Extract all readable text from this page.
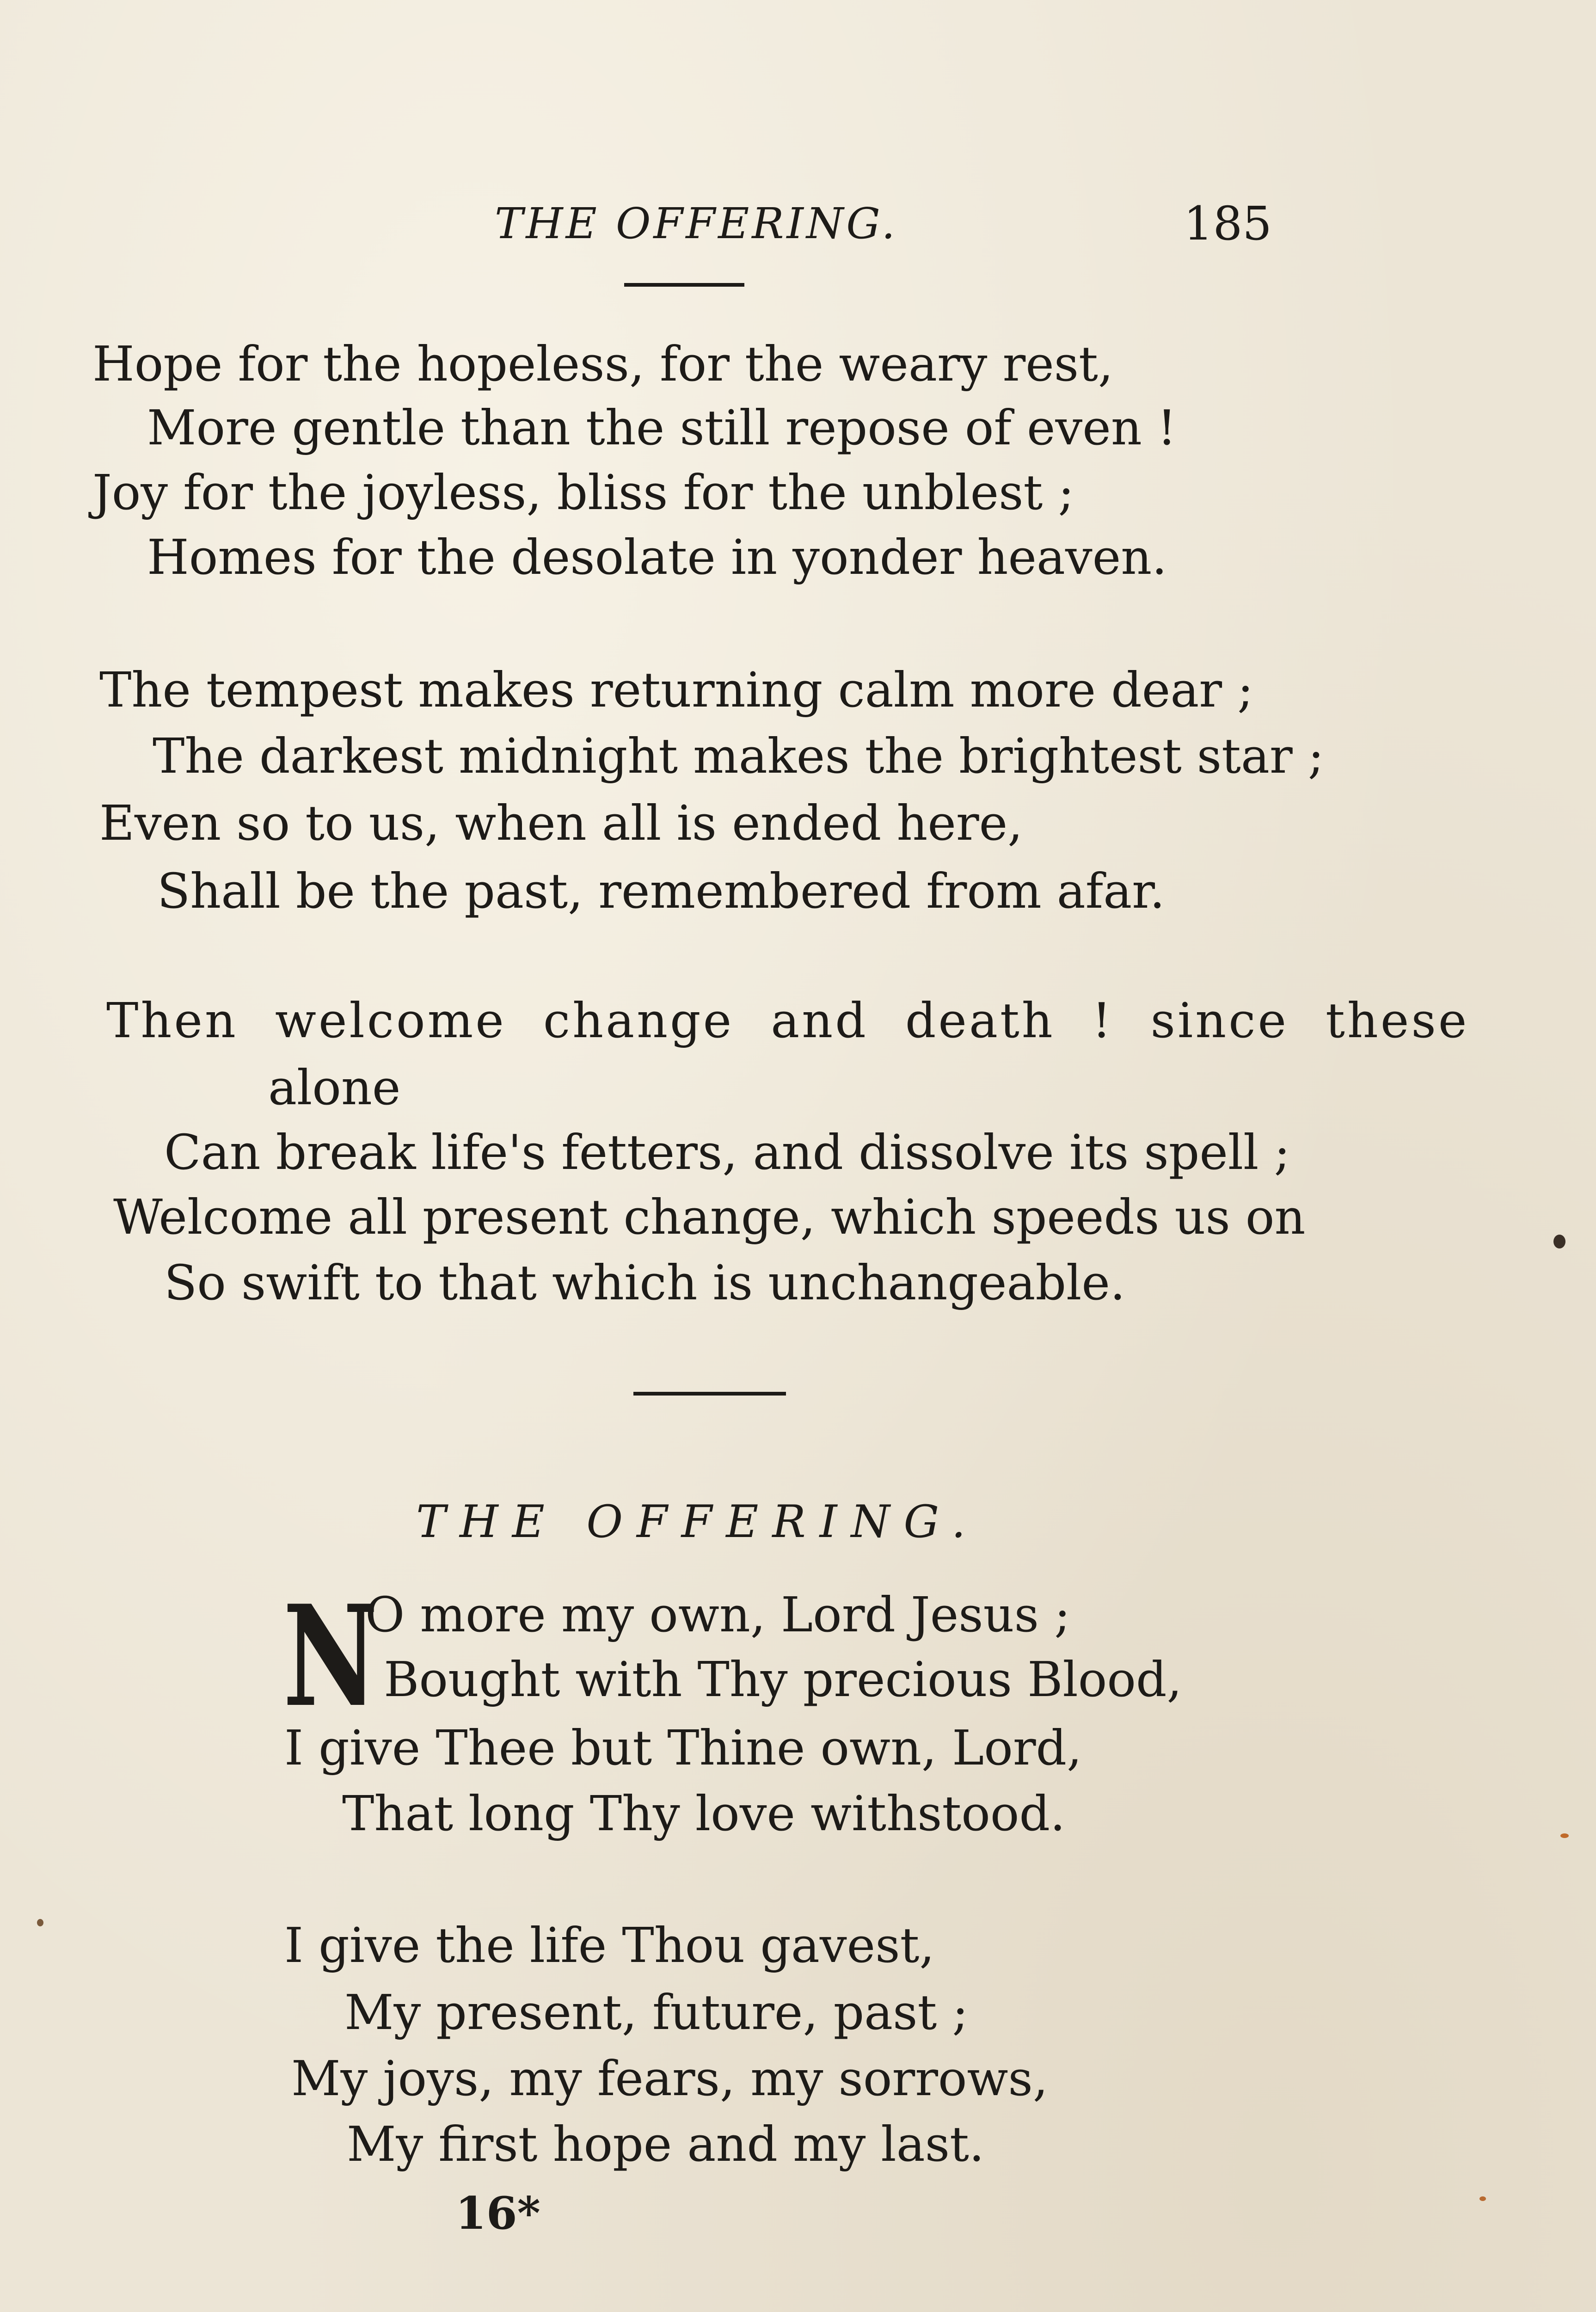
THE OFFERING.	185
Hope for the hopeless, for the weary rest,
More gentle than the still repose of even !
Joy for the joyless, bliss for the unblest ;
Homes for the desolate in yonder heaven.
The tempest makes returning calm more dear ;
The darkest midnight makes the brightest star ;
Even so to us, when all is ended here,
Shall be the past, remembered from afar.
Then welcome change and death ! since these
alone
Can break life's fetters, and dissolve its spell ;
Welcome all present change, which speeds us on
So swift to that which is unchangeable.
THE OFFERING.
N
O more my own, Lord Jesus ;
Bought with Thy precious Blood,
I give Thee but Thine own, Lord,
That long Thy love withstood.
I give the life Thou gavest,
My present, future, past ;
My joys, my fears, my sorrows,
My first hope and my last.
16*
